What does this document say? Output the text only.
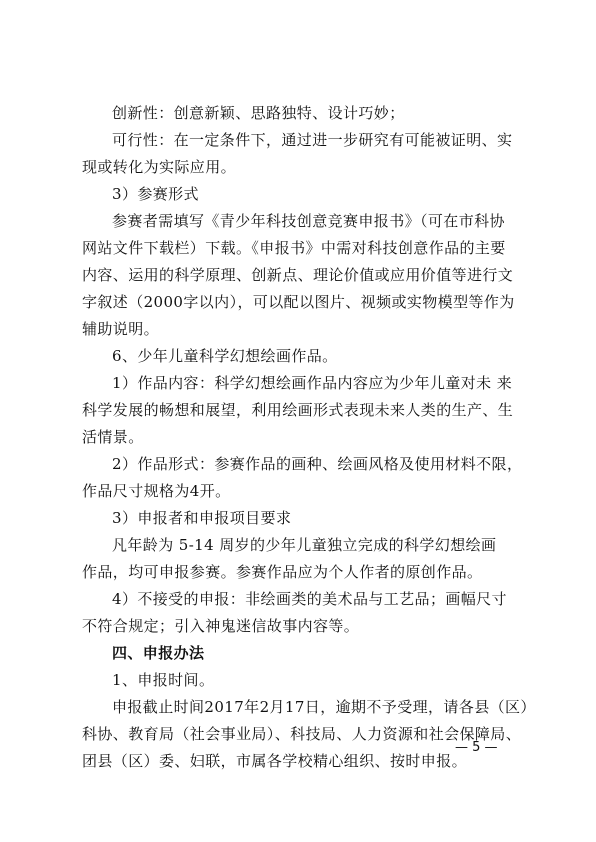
创新性：创意新颖、思路独特、设计巧妙；
可行性：在一定条件下，通过进一步研究有可能被证明、实
现或转化为实际应用。
3）参赛形式
参赛者需填写《青少年科技创意竞赛申报书》（可在市科协
网站文件下载栏）下载。《申报书》中需对科技创意作品的主要
内容、运用的科学原理、创新点、理论价值或应用价值等进行文
字叙述（2000字以内），可以配以图片、视频或实物模型等作为
辅助说明。
6、少年儿童科学幻想绘画作品。
1）作品内容：科学幻想绘画作品内容应为少年儿童对未 来
科学发展的畅想和展望，利用绘画形式表现未来人类的生产、生
活情景。
2）作品形式：参赛作品的画种、绘画风格及使用材料不限，
作品尺寸规格为4开。
3）申报者和申报项目要求
凡年龄为 5-14 周岁的少年儿童独立完成的科学幻想绘画
作品，均可申报参赛。参赛作品应为个人作者的原创作品。
4）不接受的申报：非绘画类的美术品与工艺品；画幅尺寸
不符合规定；引入神鬼迷信故事内容等。
四、申报办法
1、申报时间。
申报截止时间2017年2月17日，逾期不予受理，请各县（区）
科协、教育局（社会事业局）、科技局、人力资源和社会保障局、
团县（区）委、妇联，市属各学校精心组织、按时申报。
— 5 —
